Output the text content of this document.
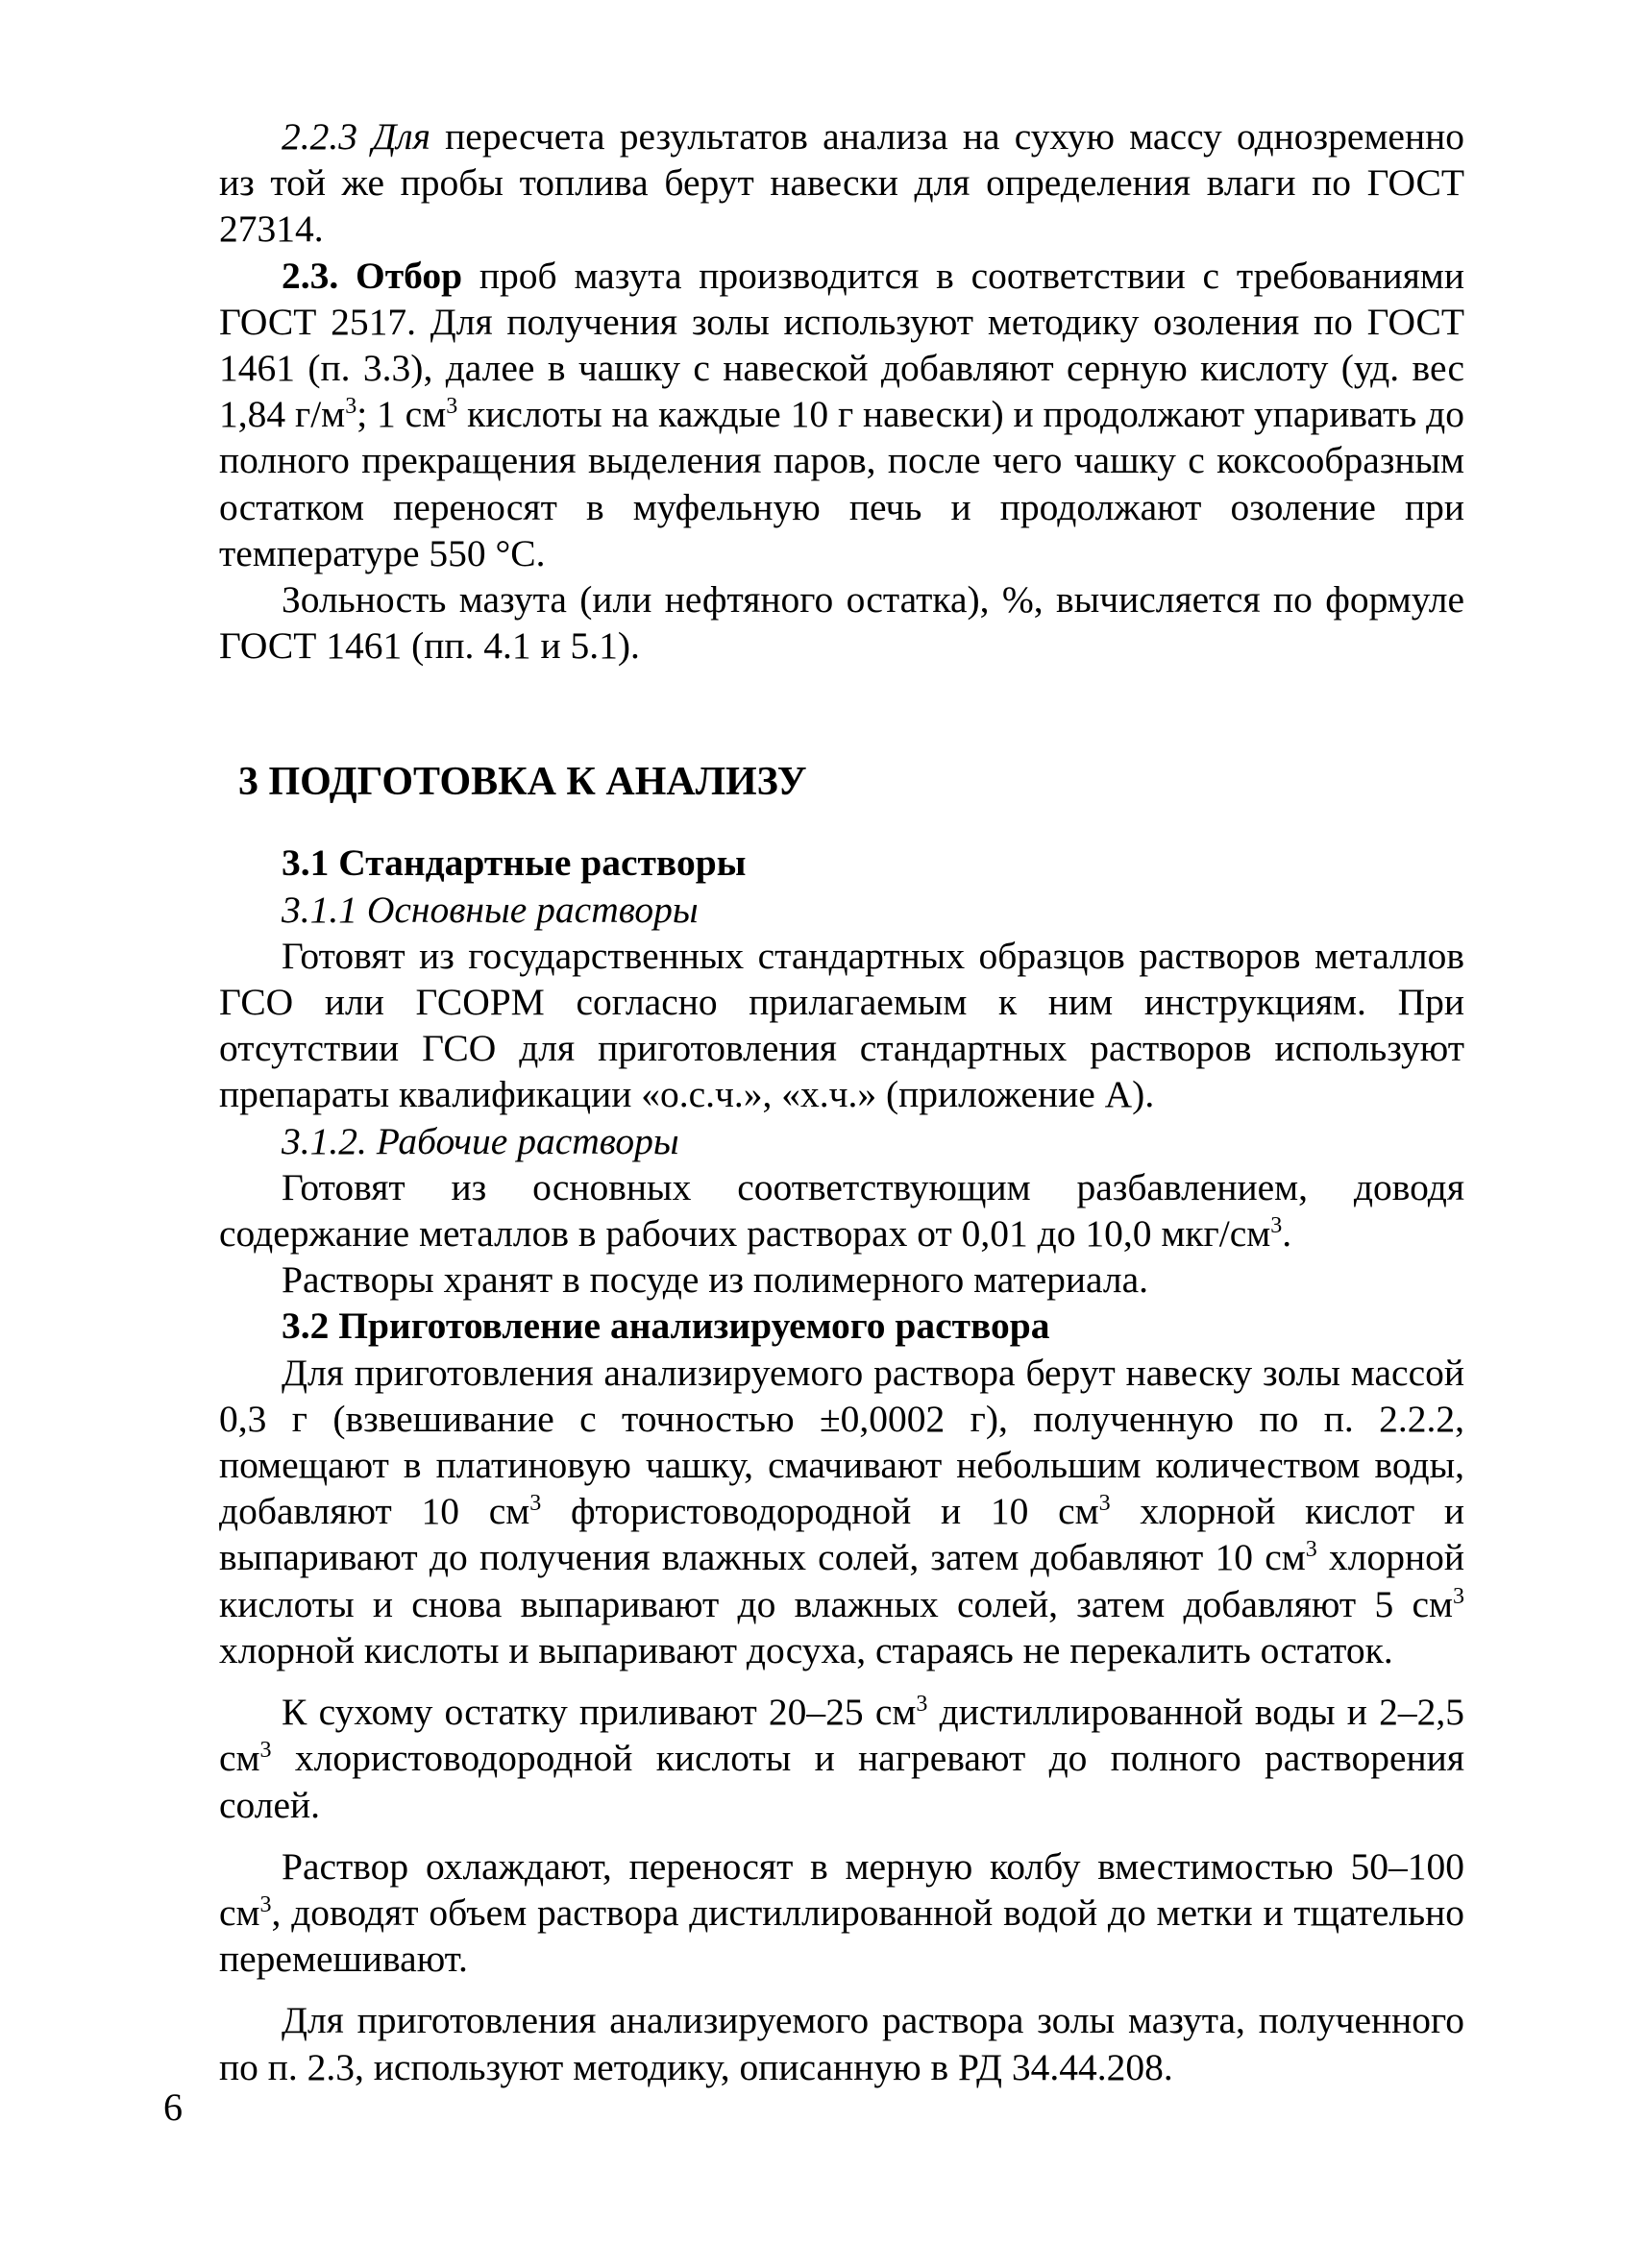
2.2.3 Для пересчета результатов анализа на сухую массу однозременно из той же пробы топлива берут навески для определения влаги по ГОСТ 27314.

2.3. Отбор проб мазута производится в соответствии с требованиями ГОСТ 2517. Для получения золы используют методику озоления по ГОСТ 1461 (п. 3.3), далее в чашку с навеской добавляют серную кислоту (уд. вес 1,84 $г/м^3$; 1 $см^3$ кислоты на каждые 10 г навески) и продолжают упаривать до полного прекращения выделения паров, после чего чашку с коксообразным остатком переносят в муфельную печь и продолжают озоление при температуре 550 °С.

Зольность мазута (или нефтяного остатка), %, вычисляется по формуле ГОСТ 1461 (пп. 4.1 и 5.1).

3 ПОДГОТОВКА К АНАЛИЗУ

3.1 Стандартные растворы

3.1.1 Основные растворы

Готовят из государственных стандартных образцов растворов металлов ГСО или ГСОРМ согласно прилагаемым к ним инструкциям. При отсутствии ГСО для приготовления стандартных растворов используют препараты квалификации «о.с.ч.», «х.ч.» (приложение А).

3.1.2. Рабочие растворы

Готовят из основных соответствующим разбавлением, доводя содержание металлов в рабочих растворах от 0,01 до 10,0 мкг/$см^3$.

Растворы хранят в посуде из полимерного материала.

3.2 Приготовление анализируемого раствора

Для приготовления анализируемого раствора берут навеску золы массой 0,3 г (взвешивание с точностью ±0,0002 г), полученную по п. 2.2.2, помещают в платиновую чашку, смачивают небольшим количеством воды, добавляют 10 $см^3$ фтористоводородной и 10 $см^3$ хлорной кислот и выпаривают до получения влажных солей, затем добавляют 10 $см^3$ хлорной кислоты и снова выпаривают до влажных солей, затем добавляют 5 $см^3$ хлорной кислоты и выпаривают досуха, стараясь не перекалить остаток.

К сухому остатку приливают 20–25 $см^3$ дистиллированной воды и 2–2,5 $см^3$ хлористоводородной кислоты и нагревают до полного растворения солей.

Раствор охлаждают, переносят в мерную колбу вместимостью 50–100 $см^3$, доводят объем раствора дистиллированной водой до метки и тщательно перемешивают.

Для приготовления анализируемого раствора золы мазута, полученного по п. 2.3, используют методику, описанную в РД 34.44.208.

6
